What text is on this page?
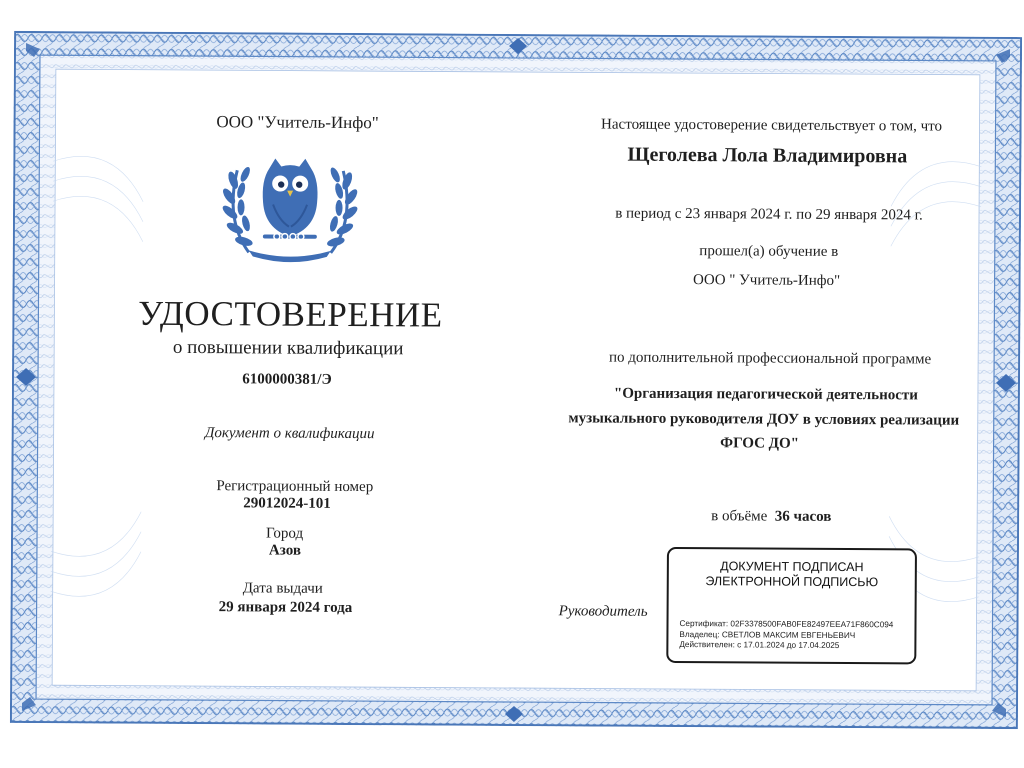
ООО "Учитель-Инфо"
УДОСТОВЕРЕНИЕ
о повышении квалификации
6100000381/Э
Документ о квалификации
Регистрационный номер
29012024-101
Город
Азов
Дата выдачи
29 января 2024 года
Настоящее удостоверение свидетельствует о том, что
Щеголева Лола Владимировна
в период с 23 января 2024 г. по 29 января 2024 г.
прошел(а) обучение в
ООО " Учитель-Инфо"
по дополнительной профессиональной программе
"Организация педагогической деятельности
музыкального руководителя ДОУ в условиях реализации
ФГОС ДО"
в объёме 36 часов
Руководитель
ДОКУМЕНТ ПОДПИСАН
ЭЛЕКТРОННОЙ ПОДПИСЬЮ
Сертификат: 02F3378500FAB0FE82497EEA71F860C094
Владелец: СВЕТЛОВ МАКСИМ ЕВГЕНЬЕВИЧ
Действителен: с 17.01.2024 до 17.04.2025
